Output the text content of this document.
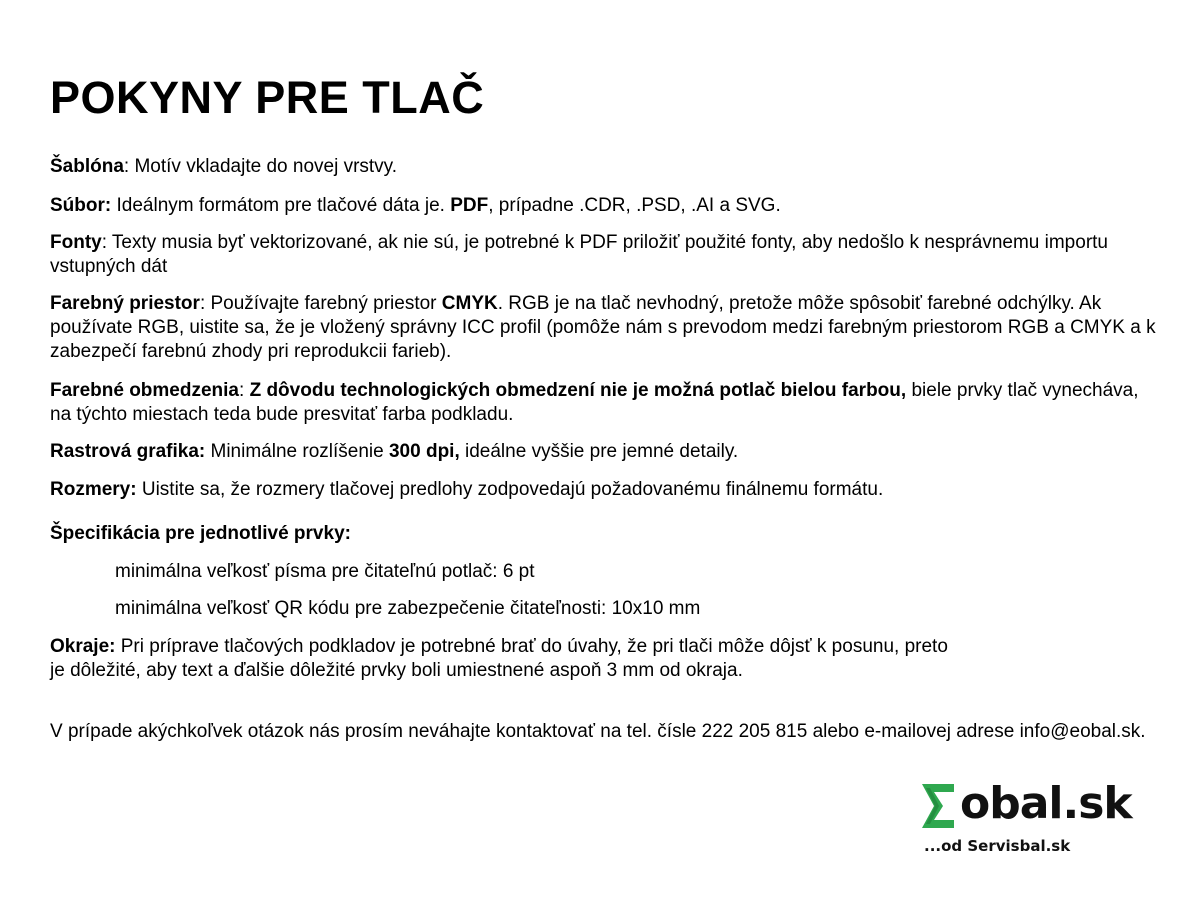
POKYNY PRE TLAČ

Šablóna: Motív vkladajte do novej vrstvy.

Súbor: Ideálnym formátom pre tlačové dáta je. PDF, prípadne .CDR, .PSD, .AI a SVG.

Fonty: Texty musia byť vektorizované, ak nie sú, je potrebné k PDF priložiť použité fonty, aby nedošlo k nesprávnemu importu vstupných dát

Farebný priestor: Používajte farebný priestor CMYK. RGB je na tlač nevhodný, pretože môže spôsobiť farebné odchýlky. Ak používate RGB, uistite sa, že je vložený správny ICC profil (pomôže nám s prevodom medzi farebným priestorom RGB a CMYK a k zabezpečí farebnú zhody pri reprodukcii farieb).

Farebné obmedzenia: Z dôvodu technologických obmedzení nie je možná potlač bielou farbou, biele prvky tlač vynecháva, na týchto miestach teda bude presvitať farba podkladu.

Rastrová grafika: Minimálne rozlíšenie 300 dpi, ideálne vyššie pre jemné detaily.

Rozmery: Uistite sa, že rozmery tlačovej predlohy zodpovedajú požadovanému finálnemu formátu.

Špecifikácia pre jednotlivé prvky:

minimálna veľkosť písma pre čitateľnú potlač: 6 pt

minimálna veľkosť QR kódu pre zabezpečenie čitateľnosti: 10x10 mm

Okraje: Pri príprave tlačových podkladov je potrebné brať do úvahy, že pri tlači môže dôjsť k posunu, preto
je dôležité, aby text a ďalšie dôležité prvky boli umiestnené aspoň 3 mm od okraja.

V prípade akýchkoľvek otázok nás prosím neváhajte kontaktovať na tel. čísle 222 205 815 alebo e-mailovej adrese info@eobal.sk.

obal.sk
...od Servisbal.sk
